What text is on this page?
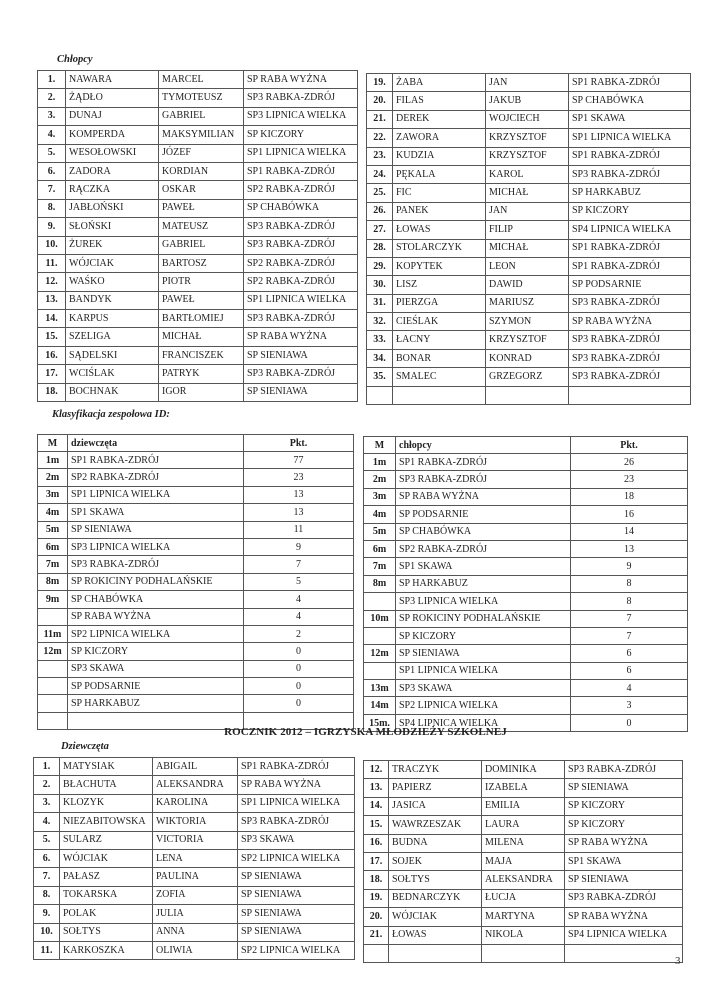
Chłopcy
1.	NAWARA	MARCEL	SP RABA WYŻNA
2.	ŻĄDŁO	TYMOTEUSZ	SP3 RABKA-ZDRÓJ
3.	DUNAJ	GABRIEL	SP3 LIPNICA WIELKA
4.	KOMPERDA	MAKSYMILIAN	SP KICZORY
5.	WESOŁOWSKI	JÓZEF	SP1 LIPNICA WIELKA
6.	ZADORA	KORDIAN	SP1 RABKA-ZDRÓJ
7.	RĄCZKA	OSKAR	SP2 RABKA-ZDRÓJ
8.	JABŁOŃSKI	PAWEŁ	SP CHABÓWKA
9.	SŁOŃSKI	MATEUSZ	SP3 RABKA-ZDRÓJ
10.	ŻUREK	GABRIEL	SP3 RABKA-ZDRÓJ
11.	WÓJCIAK	BARTOSZ	SP2 RABKA-ZDRÓJ
12.	WAŚKO	PIOTR	SP2 RABKA-ZDRÓJ
13.	BANDYK	PAWEŁ	SP1 LIPNICA WIELKA
14.	KARPUS	BARTŁOMIEJ	SP3 RABKA-ZDRÓJ
15.	SZELIGA	MICHAŁ	SP RABA WYŻNA
16.	SĄDELSKI	FRANCISZEK	SP SIENIAWA
17.	WCIŚLAK	PATRYK	SP3 RABKA-ZDRÓJ
18.	BOCHNAK	IGOR	SP SIENIAWA
19.	ŻABA	JAN	SP1 RABKA-ZDRÓJ
20.	FILAS	JAKUB	SP CHABÓWKA
21.	DEREK	WOJCIECH	SP1 SKAWA
22.	ZAWORA	KRZYSZTOF	SP1 LIPNICA WIELKA
23.	KUDZIA	KRZYSZTOF	SP1 RABKA-ZDRÓJ
24.	PĘKALA	KAROL	SP3 RABKA-ZDRÓJ
25.	FIC	MICHAŁ	SP HARKABUZ
26.	PANEK	JAN	SP KICZORY
27.	ŁOWAS	FILIP	SP4 LIPNICA WIELKA
28.	STOLARCZYK	MICHAŁ	SP1 RABKA-ZDRÓJ
29.	KOPYTEK	LEON	SP1 RABKA-ZDRÓJ
30.	LISZ	DAWID	SP PODSARNIE
31.	PIERZGA	MARIUSZ	SP3 RABKA-ZDRÓJ
32.	CIEŚLAK	SZYMON	SP RABA WYŻNA
33.	ŁACNY	KRZYSZTOF	SP3 RABKA-ZDRÓJ
34.	BONAR	KONRAD	SP3 RABKA-ZDRÓJ
35.	SMALEC	GRZEGORZ	SP3 RABKA-ZDRÓJ

Klasyfikacja zespołowa ID:
M	dziewczęta	Pkt.
1m	SP1 RABKA-ZDRÓJ	77
2m	SP2 RABKA-ZDRÓJ	23
3m	SP1 LIPNICA WIELKA	13
4m	SP1 SKAWA	13
5m	SP SIENIAWA	11
6m	SP3 LIPNICA WIELKA	9
7m	SP3 RABKA-ZDRÓJ	7
8m	SP ROKICINY PODHALAŃSKIE	5
9m	SP CHABÓWKA	4
	SP RABA WYŻNA	4
11m	SP2 LIPNICA WIELKA	2
12m	SP KICZORY	0
	SP3 SKAWA	0
	SP PODSARNIE	0
	SP HARKABUZ	0

M	chłopcy	Pkt.
1m	SP1 RABKA-ZDRÓJ	26
2m	SP3 RABKA-ZDRÓJ	23
3m	SP RABA WYŻNA	18
4m	SP PODSARNIE	16
5m	SP CHABÓWKA	14
6m	SP2 RABKA-ZDRÓJ	13
7m	SP1 SKAWA	9
8m	SP HARKABUZ	8
	SP3 LIPNICA WIELKA	8
10m	SP ROKICINY PODHALAŃSKIE	7
	SP KICZORY	7
12m	SP SIENIAWA	6
	SP1 LIPNICA WIELKA	6
13m	SP3 SKAWA	4
14m	SP2 LIPNICA WIELKA	3
15m.	SP4 LIPNICA WIELKA	0
ROCZNIK 2012 – IGRZYSKA MŁODZIEŻY SZKOLNEJ
Dziewczęta
1.	MATYSIAK	ABIGAIL	SP1 RABKA-ZDRÓJ
2.	BŁACHUTA	ALEKSANDRA	SP RABA WYŻNA
3.	KLOZYK	KAROLINA	SP1 LIPNICA WIELKA
4.	NIEZABITOWSKA	WIKTORIA	SP3 RABKA-ZDRÓJ
5.	SULARZ	VICTORIA	SP3 SKAWA
6.	WÓJCIAK	LENA	SP2 LIPNICA WIELKA
7.	PAŁASZ	PAULINA	SP SIENIAWA
8.	TOKARSKA	ZOFIA	SP SIENIAWA
9.	POLAK	JULIA	SP SIENIAWA
10.	SOŁTYS	ANNA	SP SIENIAWA
11.	KARKOSZKA	OLIWIA	SP2 LIPNICA WIELKA
12.	TRACZYK	DOMINIKA	SP3 RABKA-ZDRÓJ
13.	PAPIERZ	IZABELA	SP SIENIAWA
14.	JASICA	EMILIA	SP KICZORY
15.	WAWRZESZAK	LAURA	SP KICZORY
16.	BUDNA	MILENA	SP RABA WYŻNA
17.	SOJEK	MAJA	SP1 SKAWA
18.	SOŁTYS	ALEKSANDRA	SP SIENIAWA
19.	BEDNARCZYK	ŁUCJA	SP3 RABKA-ZDRÓJ
20.	WÓJCIAK	MARTYNA	SP RABA WYŻNA
21.	ŁOWAS	NIKOLA	SP4 LIPNICA WIELKA

3
